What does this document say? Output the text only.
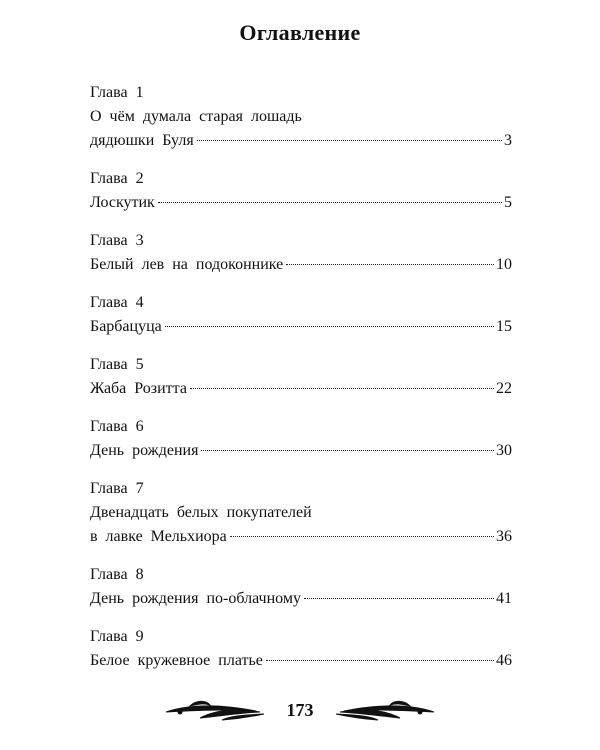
Оглавление
Глава 1
О чём думала старая лошадь
дядюшки Буля	3
Глава 2
Лоскутик	5
Глава 3
Белый лев на подоконнике	10
Глава 4
Барбацуца	15
Глава 5
Жаба Розитта	22
Глава 6
День рождения	30
Глава 7
Двенадцать белых покупателей
в лавке Мельхиора	36
Глава 8
День рождения по-облачному	41
Глава 9
Белое кружевное платье	46
173
